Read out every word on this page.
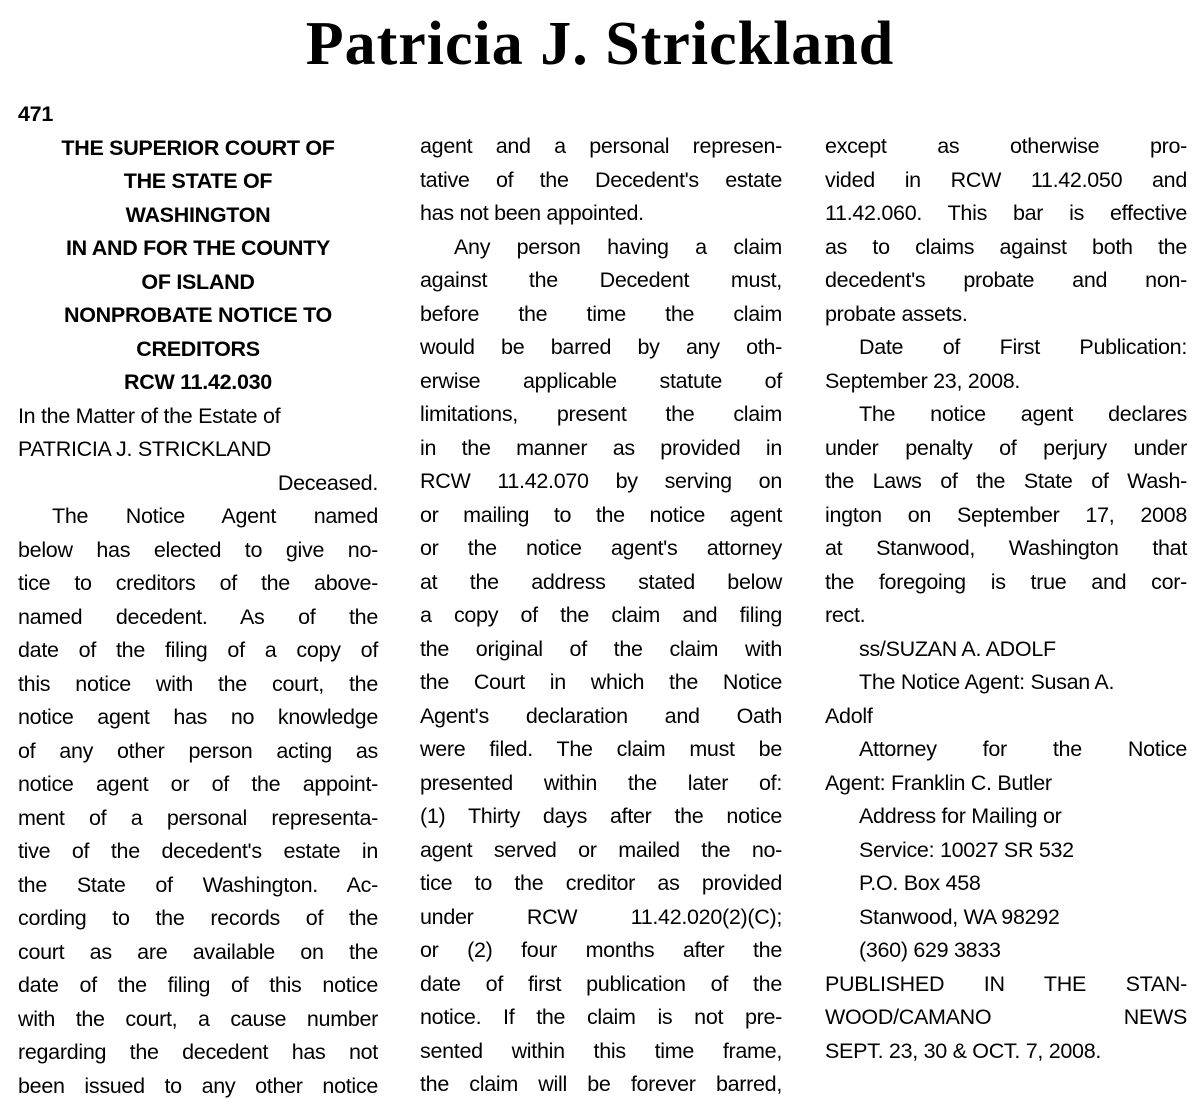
Patricia J. Strickland
471
THE SUPERIOR COURT OF
THE STATE OF
WASHINGTON
IN AND FOR THE COUNTY
OF ISLAND
NONPROBATE NOTICE TO
CREDITORS
RCW 11.42.030
In the Matter of the Estate of
PATRICIA J. STRICKLAND
Deceased.
The Notice Agent named
below has elected to give no-
tice to creditors of the above-
named decedent. As of the
date of the filing of a copy of
this notice with the court, the
notice agent has no knowledge
of any other person acting as
notice agent or of the appoint-
ment of a personal representa-
tive of the decedent's estate in
the State of Washington. Ac-
cording to the records of the
court as are available on the
date of the filing of this notice
with the court, a cause number
regarding the decedent has not
been issued to any other notice
agent and a personal represen-
tative of the Decedent's estate
has not been appointed.
Any person having a claim
against the Decedent must,
before the time the claim
would be barred by any oth-
erwise applicable statute of
limitations, present the claim
in the manner as provided in
RCW 11.42.070 by serving on
or mailing to the notice agent
or the notice agent's attorney
at the address stated below
a copy of the claim and filing
the original of the claim with
the Court in which the Notice
Agent's declaration and Oath
were filed. The claim must be
presented within the later of:
(1) Thirty days after the notice
agent served or mailed the no-
tice to the creditor as provided
under RCW 11.42.020(2)(C);
or (2) four months after the
date of first publication of the
notice. If the claim is not pre-
sented within this time frame,
the claim will be forever barred,
except as otherwise pro-
vided in RCW 11.42.050 and
11.42.060. This bar is effective
as to claims against both the
decedent's probate and non-
probate assets.
Date of First Publication:
September 23, 2008.
The notice agent declares
under penalty of perjury under
the Laws of the State of Wash-
ington on September 17, 2008
at Stanwood, Washington that
the foregoing is true and cor-
rect.
ss/SUZAN A. ADOLF
The Notice Agent: Susan A.
Adolf
Attorney for the Notice
Agent: Franklin C. Butler
Address for Mailing or
Service: 10027 SR 532
P.O. Box 458
Stanwood, WA 98292
(360) 629 3833
PUBLISHED IN THE STAN-
WOOD/CAMANO NEWS
SEPT. 23, 30 & OCT. 7, 2008.
